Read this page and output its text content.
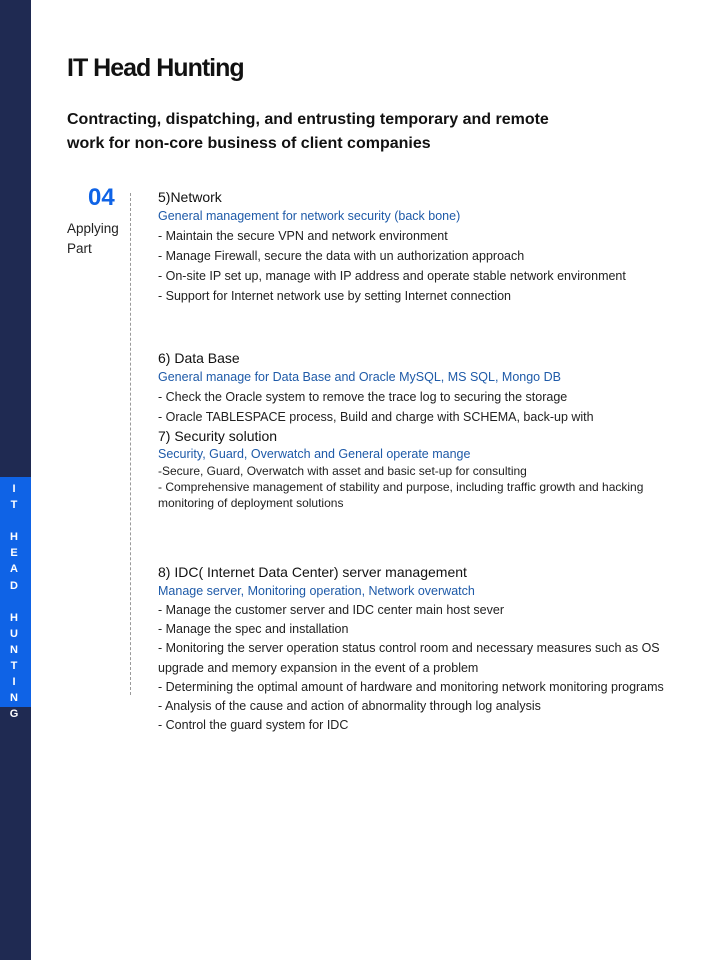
I
T

H
E
A
D

H
U
N
T
I
N
G
IT Head Hunting

Contracting, dispatching, and entrusting temporary and remote work for non-core business of client companies

04
Applying Part
5)Network
General management for network security (back bone)
- Maintain the secure VPN and network environment
- Manage Firewall, secure the data with un authorization approach
- On-site IP set up, manage with IP address and operate stable network environment
- Support for Internet network use by setting Internet connection
6) Data Base
General manage for Data Base and Oracle MySQL, MS SQL, Mongo DB
- Check the Oracle system to remove the trace log to securing the storage
- Oracle TABLESPACE process, Build and charge with SCHEMA, back-up with
7) Security solution
Security, Guard, Overwatch and General operate mange
-Secure, Guard, Overwatch with asset and basic set-up for consulting
- Comprehensive management of stability and purpose, including traffic growth and hacking monitoring of deployment solutions
8) IDC( Internet Data Center) server management
Manage server, Monitoring operation, Network overwatch
- Manage the customer server and IDC center main host sever
- Manage the spec and installation
- Monitoring the server operation status control room and necessary measures such as OS upgrade and memory expansion in the event of a problem
- Determining the optimal amount of hardware and monitoring network monitoring programs
- Analysis of the cause and action of abnormality through log analysis
- Control the guard system for IDC
